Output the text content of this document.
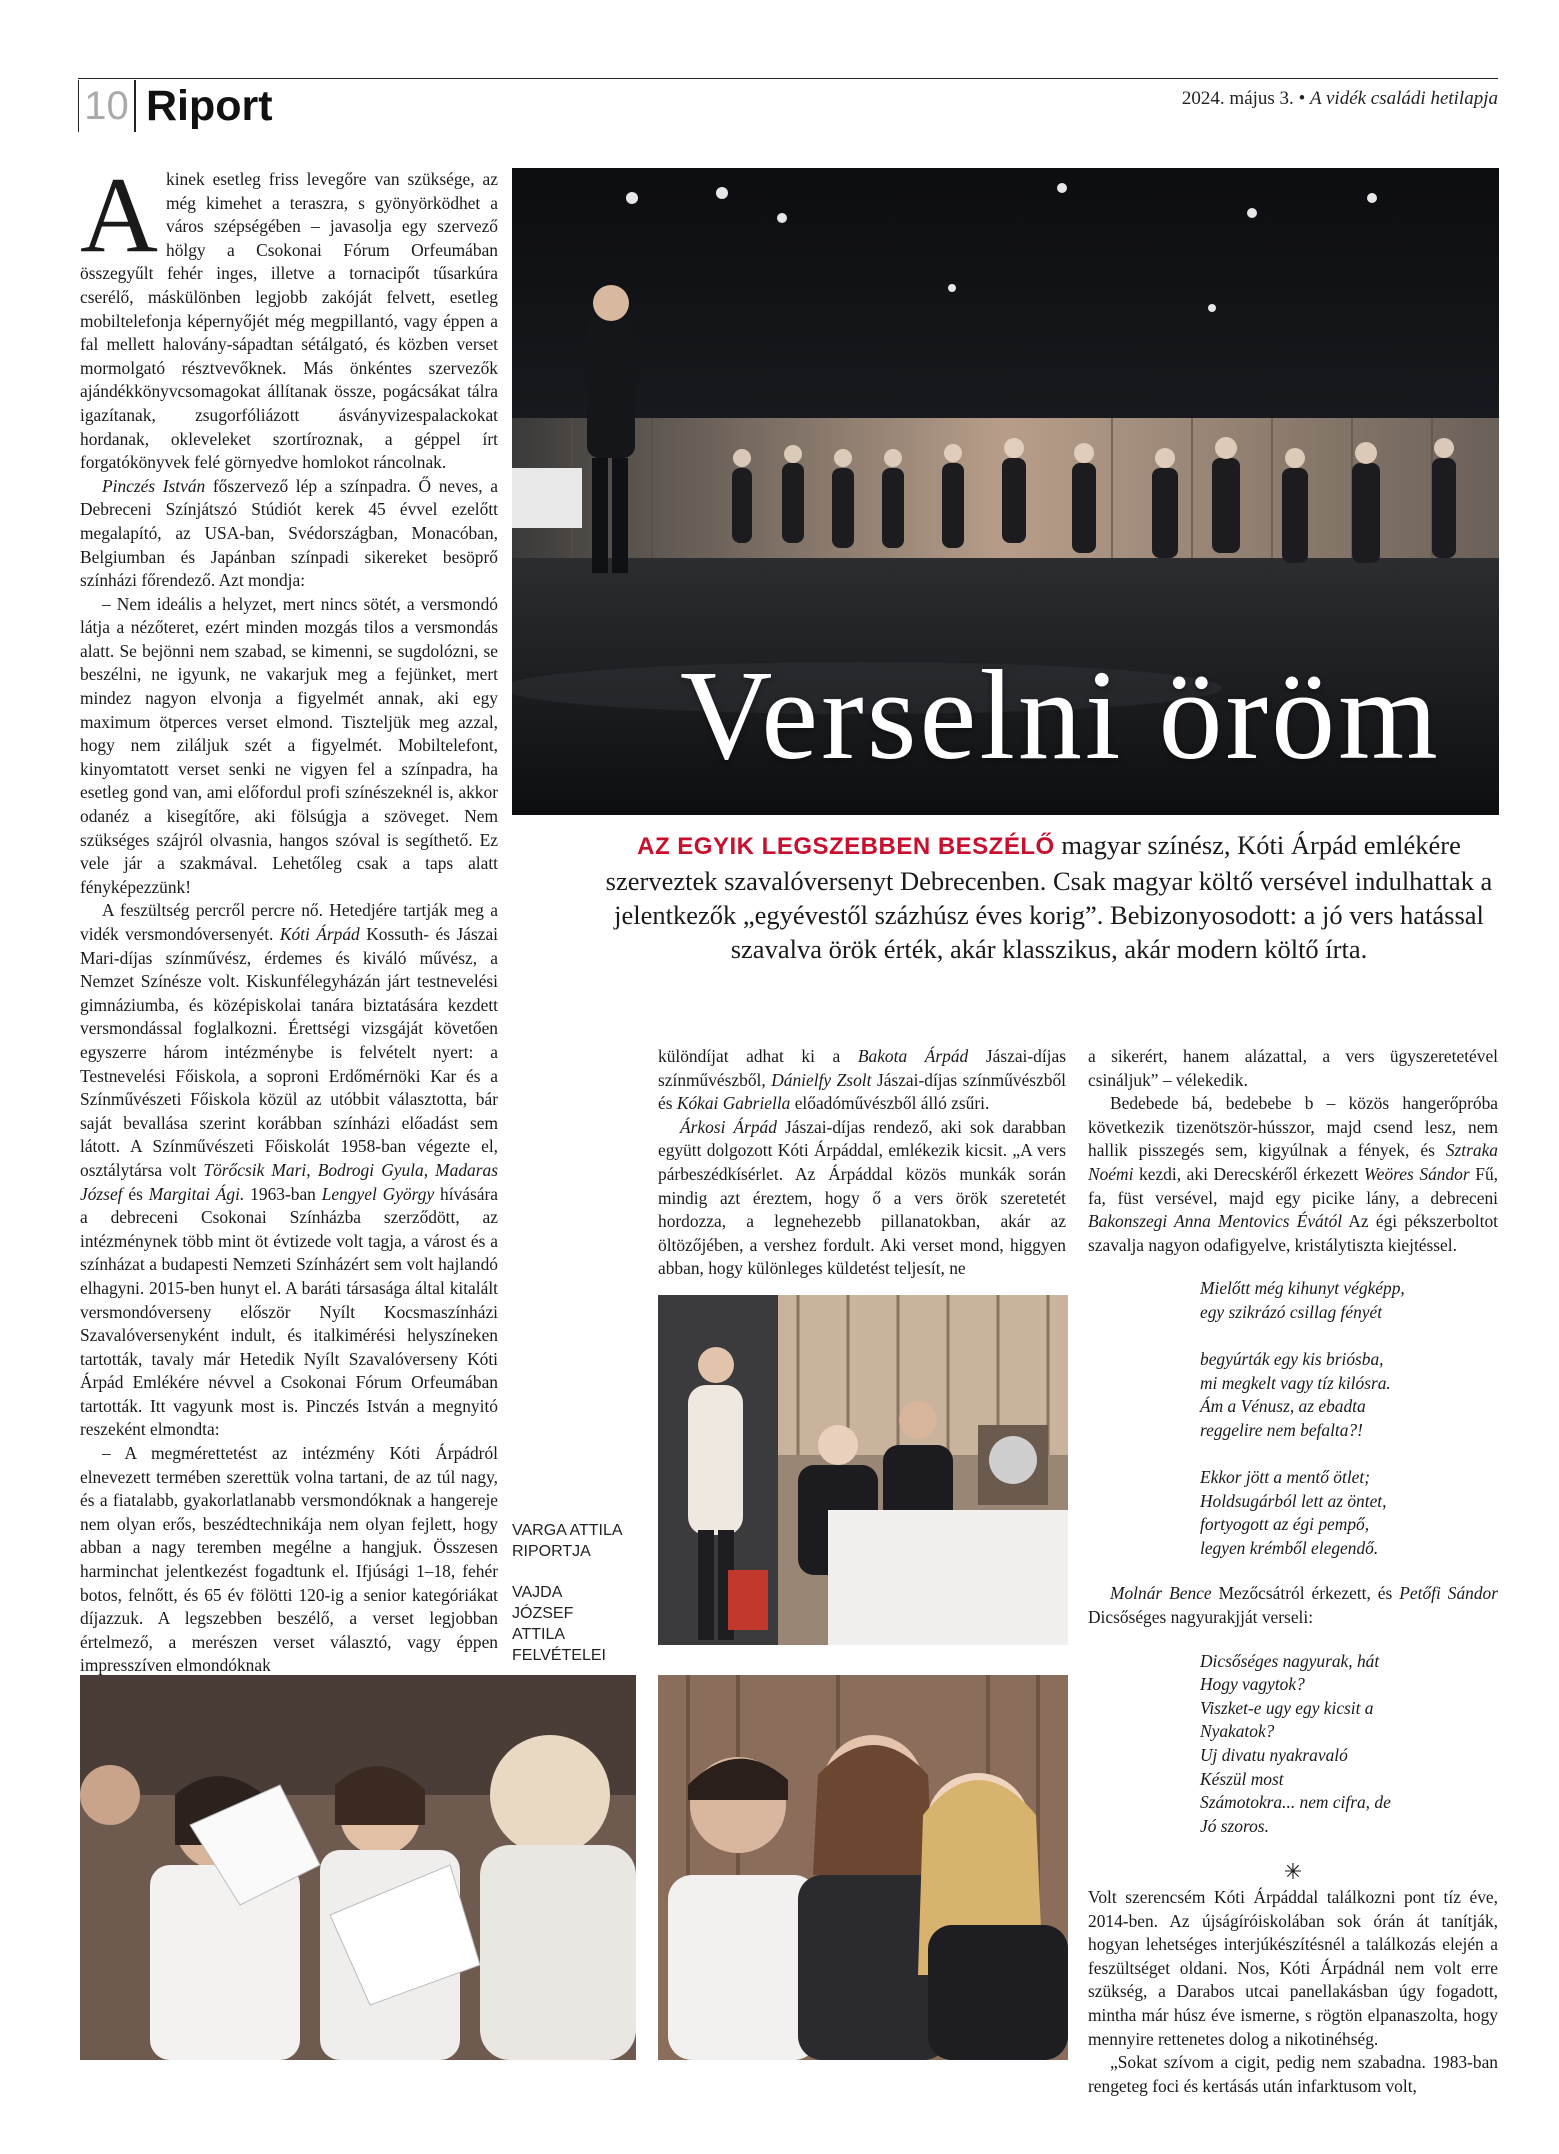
10 Riport	2024. május 3. • A vidék családi hetilapja

Akinek esetleg friss levegőre van szüksége, az még kimehet a teraszra, s gyönyörködhet a város szépségében – javasolja egy szervező hölgy a Csokonai Fórum Orfeumában összegyűlt fehér inges, illetve a tornacipőt tűsarkúra cserélő, máskülönben legjobb zakóját felvett, esetleg mobiltelefonja képernyőjét még megpillantó, vagy éppen a fal mellett halovány-sápadtan sétálgató, és közben verset mormolgató résztvevőknek. Más önkéntes szervezők ajándékkönyvcsomagokat állítanak össze, pogácsákat tálra igazítanak, zsugorfóliázott ásványvizespalackokat hordanak, okleveleket szortíroznak, a géppel írt forgatókönyvek felé görnyedve homlokot ráncolnak.

Pinczés István főszervező lép a színpadra. Ő neves, a Debreceni Színjátszó Stúdiót kerek 45 évvel ezelőtt megalapító, az USA-ban, Svédországban, Monacóban, Belgiumban és Japánban színpadi sikereket besöprő színházi főrendező. Azt mondja:

– Nem ideális a helyzet, mert nincs sötét, a versmondó látja a nézőteret, ezért minden mozgás tilos a versmondás alatt. Se bejönni nem szabad, se kimenni, se sugdolózni, se beszélni, ne igyunk, ne vakarjuk meg a fejünket, mert mindez nagyon elvonja a figyelmét annak, aki egy maximum ötperces verset elmond. Tiszteljük meg azzal, hogy nem ziláljuk szét a figyelmét. Mobiltelefont, kinyomtatott verset senki ne vigyen fel a színpadra, ha esetleg gond van, ami előfordul profi színészeknél is, akkor odanéz a kisegítőre, aki fölsúgja a szöveget. Nem szükséges szájról olvasnia, hangos szóval is segíthető. Ez vele jár a szakmával. Lehetőleg csak a taps alatt fényképezzünk!

A feszültség percről percre nő. Hetedjére tartják meg a vidék versmondóversenyét. Kóti Árpád Kossuth- és Jászai Mari-díjas színművész, érdemes és kiváló művész, a Nemzet Színésze volt. Kiskunfélegyházán járt testnevelési gimnáziumba, és középiskolai tanára biztatására kezdett versmondással foglalkozni. Érettségi vizsgáját követően egyszerre három intézménybe is felvételt nyert: a Testnevelési Főiskola, a soproni Erdőmérnöki Kar és a Színművészeti Főiskola közül az utóbbit választotta, bár saját bevallása szerint korábban színházi előadást sem látott. A Színművészeti Főiskolát 1958-ban végezte el, osztálytársa volt Törőcsik Mari, Bodrogi Gyula, Madaras József és Margitai Ági. 1963-ban Lengyel György hívására a debreceni Csokonai Színházba szerződött, az intézménynek több mint öt évtizede volt tagja, a várost és a színházat a budapesti Nemzeti Színházért sem volt hajlandó elhagyni. 2015-ben hunyt el. A baráti társasága által kitalált versmondóverseny először Nyílt Kocsmaszínházi Szavalóversenyként indult, és italkimérési helyszíneken tartották, tavaly már Hetedik Nyílt Szavalóverseny Kóti Árpád Emlékére névvel a Csokonai Fórum Orfeumában tartották. Itt vagyunk most is. Pinczés István a megnyitó reszeként elmondta:

– A megmérettetést az intézmény Kóti Árpádról elnevezett termében szerettük volna tartani, de az túl nagy, és a fiatalabb, gyakorlatlanabb versmondóknak a hangereje nem olyan erős, beszédtechnikája nem olyan fejlett, hogy abban a nagy teremben megélne a hangjuk. Összesen harminchat jelentkezést fogadtunk el. Ifjúsági 1–18, fehér botos, felnőtt, és 65 év fölötti 120-ig a senior kategóriákat díjazzuk. A legszebben beszélő, a verset legjobban értelmező, a merészen verset választó, vagy éppen impresszíven elmondóknak

VARGA ATTILA RIPORTJA
VAJDA JÓZSEF ATTILA FELVÉTELEI
Verselni öröm
AZ EGYIK LEGSZEBBEN BESZÉLŐ magyar színész, Kóti Árpád emlékére szerveztek szavalóversenyt Debrecenben. Csak magyar költő versével indulhattak a jelentkezők „egyévestől százhúsz éves korig”. Bebizonyosodott: a jó vers hatással szavalva örök érték, akár klasszikus, akár modern költő írta.

különdíjat adhat ki a Bakota Árpád Jászai-díjas színművészből, Dánielfy Zsolt Jászai-díjas színművészből és Kókai Gabriella előadóművészből álló zsűri.

Árkosi Árpád Jászai-díjas rendező, aki sok darabban együtt dolgozott Kóti Árpáddal, emlékezik kicsit. „A vers párbeszédkísérlet. Az Árpáddal közös munkák során mindig azt éreztem, hogy ő a vers örök szeretetét hordozza, a legnehezebb pillanatokban, akár az öltözőjében, a vershez fordult. Aki verset mond, higgyen abban, hogy különleges küldetést teljesít, ne

a sikerért, hanem alázattal, a vers ügyszeretetével csináljuk” – vélekedik.

Bedebede bá, bedebebe b – közös hangerőpróba következik tizenötször-hússzor, majd csend lesz, nem hallik pisszegés sem, kigyúlnak a fények, és Sztraka Noémi kezdi, aki Derecskéről érkezett Weöres Sándor Fű, fa, füst versével, majd egy picike lány, a debreceni Bakonszegi Anna Mentovics Évától Az égi pékszerboltot szavalja nagyon odafigyelve, kristálytiszta kiejtéssel.

Mielőtt még kihunyt végképp,
egy szikrázó csillag fényét
begyúrták egy kis briósba,
mi megkelt vagy tíz kilósra.
Ám a Vénusz, az ebadta
reggelire nem befalta?!
Ekkor jött a mentő ötlet;
Holdsugárból lett az öntet,
fortyogott az égi pempő,
legyen krémből elegendő.

Molnár Bence Mezőcsátról érkezett, és Petőfi Sándor Dicsőséges nagyurakjját verseli:

Dicsőséges nagyurak, hát
Hogy vagytok?
Viszket-e ugy egy kicsit a
Nyakatok?
Uj divatu nyakravaló
Készül most
Számotokra... nem cifra, de
Jó szoros.
✳

Volt szerencsém Kóti Árpáddal találkozni pont tíz éve, 2014-ben. Az újságíróiskolában sok órán át tanítják, hogyan lehetséges interjúkészítésnél a találkozás elején a feszültséget oldani. Nos, Kóti Árpádnál nem volt erre szükség, a Darabos utcai panellakásban úgy fogadott, mintha már húsz éve ismerne, s rögtön elpanaszolta, hogy mennyire rettenetes dolog a nikotinéhség.

„Sokat szívom a cigit, pedig nem szabadna. 1983-ban rengeteg foci és kertásás után infarktusom volt,
